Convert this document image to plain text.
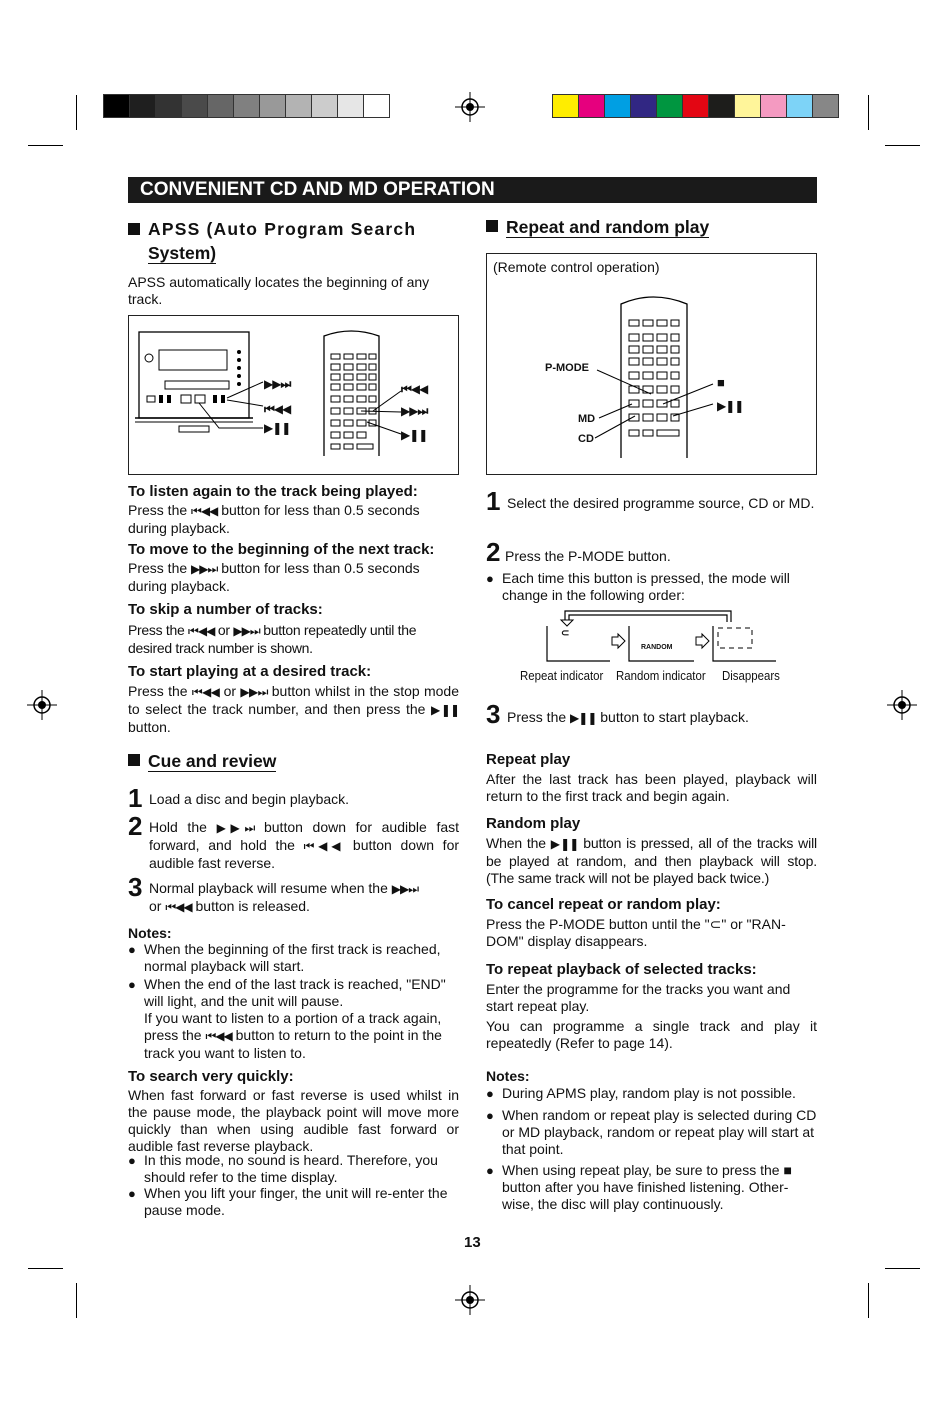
CONVENIENT CD AND MD OPERATION
APSS (Auto Program Search
System)
APSS automatically locates the beginning of any track.
▶▶⏭
⏮◀◀
▶❚❚
⏮◀◀
▶▶⏭
▶❚❚
To listen again to the track being played:
Press the ⏮◀◀ button for less than 0.5 seconds during playback.
To move to the beginning of the next track:
Press the ▶▶⏭ button for less than 0.5 seconds during playback.
To skip a number of tracks:
Press the ⏮◀◀ or ▶▶⏭ button repeatedly until the desired track number is shown.
To start playing at a desired track:
Press the ⏮◀◀ or ▶▶⏭ button whilst in the stop mode to select the track number, and then press the ▶❚❚ button.
Cue and review
1 Load a disc and begin playback.
2 Hold the ▶▶⏭ button down for audible fast forward, and hold the ⏮◀◀ button down for audible fast reverse.
3 Normal playback will resume when the ▶▶⏭
or ⏮◀◀ button is released.
Notes:
● When the beginning of the first track is reached, normal playback will start.
● When the end of the last track is reached, "END" will light, and the unit will pause.
If you want to listen to a portion of a track again, press the ⏮◀◀ button to return to the point in the track you want to listen to.
To search very quickly:
When fast forward or fast reverse is used whilst in the pause mode, the playback point will move more quickly than when using audible fast forward or audible fast reverse playback.
● In this mode, no sound is heard. Therefore, you should refer to the time display.
● When you lift your finger, the unit will re-enter the pause mode.
Repeat and random play
(Remote control operation)
P-MODE
MD
CD
■
▶❚❚
1 Select the desired programme source, CD or MD.
2 Press the P-MODE button.
● Each time this button is pressed, the mode will change in the following order:
⊂
RANDOM
Repeat indicator Random indicator Disappears
3 Press the ▶❚❚ button to start playback.
Repeat play
After the last track has been played, playback will return to the first track and begin again.
Random play
When the ▶❚❚ button is pressed, all of the tracks will be played at random, and then playback will stop. (The same track will not be played back twice.)
To cancel repeat or random play:
Press the P-MODE button until the "⊂" or "RAN-DOM" display disappears.
To repeat playback of selected tracks:
Enter the programme for the tracks you want and start repeat play.
You can programme a single track and play it repeatedly (Refer to page 14).
Notes:
● During APMS play, random play is not possible.
● When random or repeat play is selected during CD or MD playback, random or repeat play will start at that point.
● When using repeat play, be sure to press the ■ button after you have finished listening. Other-wise, the disc will play continuously.
13
